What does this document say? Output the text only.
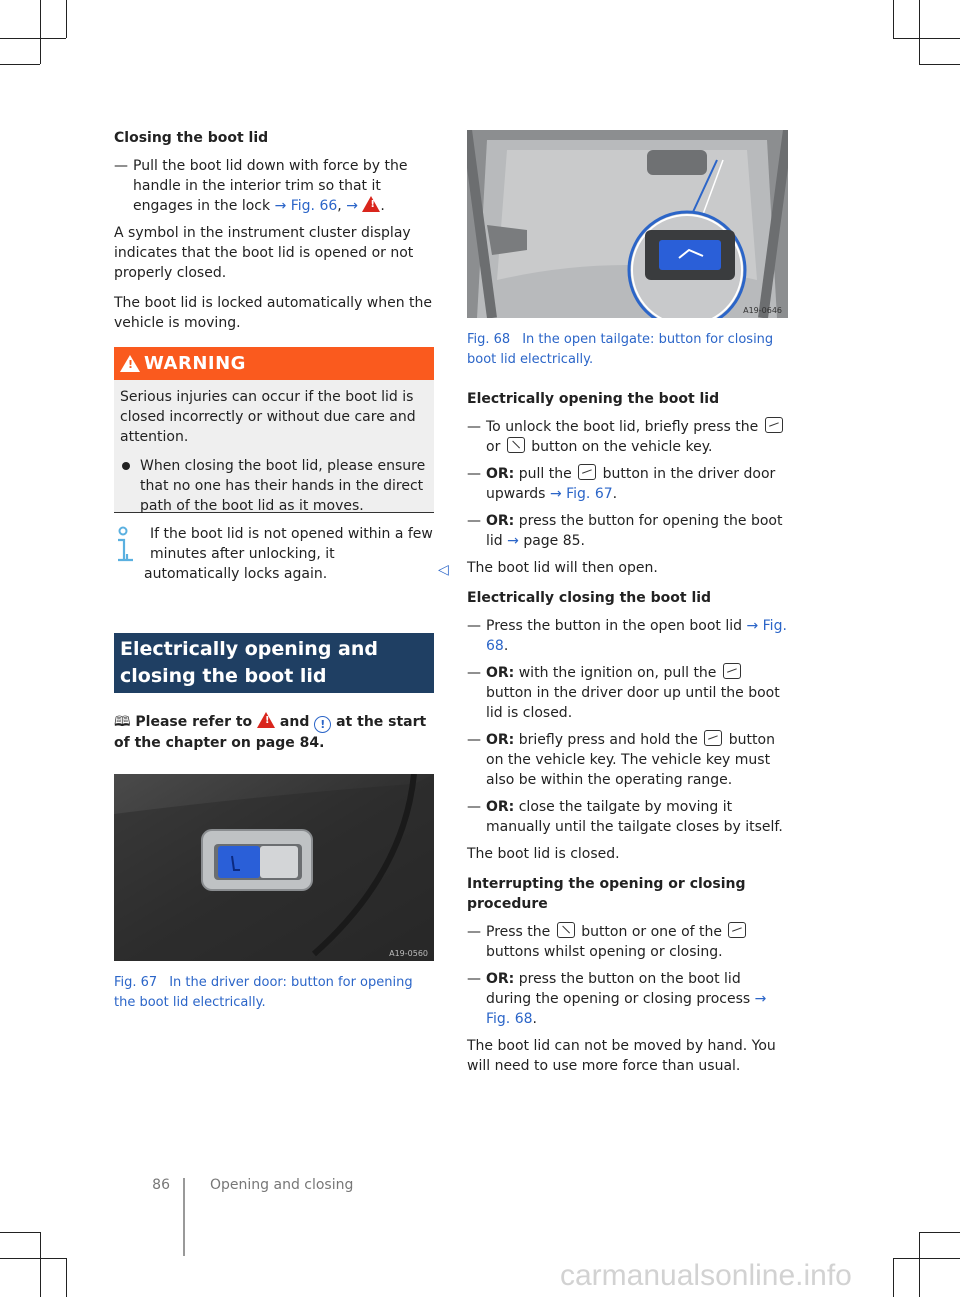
Closing the boot lid
— Pull the boot lid down with force by the handle in the interior trim so that it engages in the lock → Fig. 66, → ! .

A symbol in the instrument cluster display indicates that the boot lid is opened or not properly closed.

The boot lid is locked automatically when the vehicle is moving.

! WARNING
Serious injuries can occur if the boot lid is closed incorrectly or without due care and attention.
When closing the boot lid, please ensure that no one has their hands in the direct path of the boot lid as it moves.
If the boot lid is not opened within a few minutes after unlocking, it automatically locks again.	◁
Electrically opening and closing the boot lid
🕮 Please refer to ! and ! at the start of the chapter on page 84.
A19-0560
Fig. 67 In the driver door: button for opening the boot lid electrically.
A19-0646
Fig. 68 In the open tailgate: button for closing boot lid electrically.
Electrically opening the boot lid
— To unlock the boot lid, briefly press the
or button on the vehicle key.
— OR: pull the button in the driver door upwards → Fig. 67.
— OR: press the button for opening the boot lid → page 85.

The boot lid will then open.

Electrically closing the boot lid
— Press the button in the open boot lid → Fig. 68.
— OR: with the ignition on, pull the
button in the driver door up until the boot lid is closed.
— OR: briefly press and hold the button on the vehicle key. The vehicle key must also be within the operating range.
— OR: close the tailgate by moving it manually until the tailgate closes by itself.

The boot lid is closed.

Interrupting the opening or closing procedure
— Press the button or one of the
buttons whilst opening or closing.
— OR: press the button on the boot lid during the opening or closing process → Fig. 68.

The boot lid can not be moved by hand. You will need to use more force than usual.

86	Opening and closing
carmanualsonline.info
